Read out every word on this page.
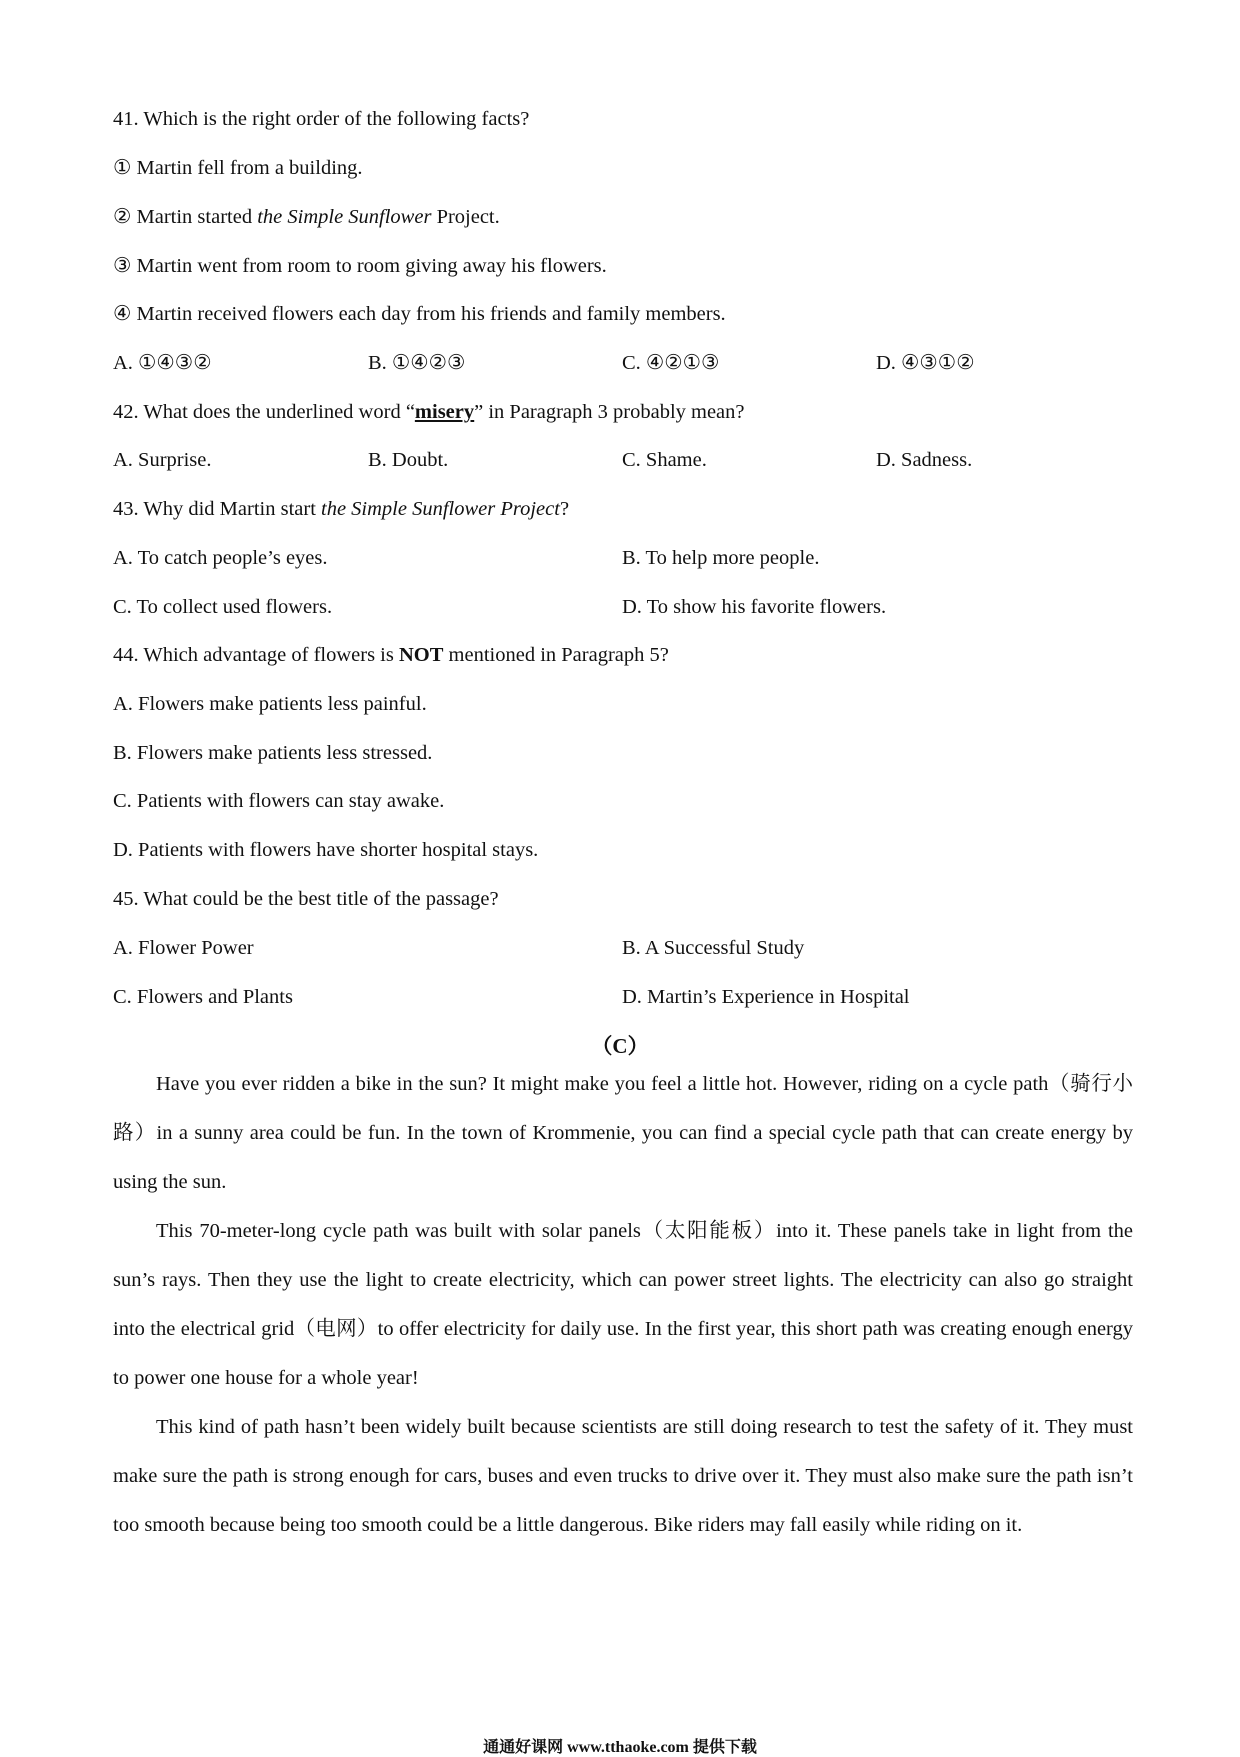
41. Which is the right order of the following facts?
① Martin fell from a building.
② Martin started the Simple Sunflower Project.
③ Martin went from room to room giving away his flowers.
④ Martin received flowers each day from his friends and family members.
A. ①④③②	B. ①④②③	C. ④②①③	D. ④③①②
42. What does the underlined word “misery” in Paragraph 3 probably mean?
A. Surprise.	B. Doubt.	C. Shame.	D. Sadness.
43. Why did Martin start the Simple Sunflower Project?
A. To catch people’s eyes.	B. To help more people.
C. To collect used flowers.	D. To show his favorite flowers.
44. Which advantage of flowers is NOT mentioned in Paragraph 5?
A. Flowers make patients less painful.
B. Flowers make patients less stressed.
C. Patients with flowers can stay awake.
D. Patients with flowers have shorter hospital stays.
45. What could be the best title of the passage?
A. Flower Power	B. A Successful Study
C. Flowers and Plants	D. Martin’s Experience in Hospital
（C）

Have you ever ridden a bike in the sun? It might make you feel a little hot. However, riding on a cycle path（骑行小路）in a sunny area could be fun. In the town of Krommenie, you can find a special cycle path that can create energy by using the sun.

This 70-meter-long cycle path was built with solar panels（太阳能板）into it. These panels take in light from the sun’s rays. Then they use the light to create electricity, which can power street lights. The electricity can also go straight into the electrical grid（电网）to offer electricity for daily use. In the first year, this short path was creating enough energy to power one house for a whole year!

This kind of path hasn’t been widely built because scientists are still doing research to test the safety of it. They must make sure the path is strong enough for cars, buses and even trucks to drive over it. They must also make sure the path isn’t too smooth because being too smooth could be a little dangerous. Bike riders may fall easily while riding on it.

通通好课网 www.tthaoke.com 提供下载
